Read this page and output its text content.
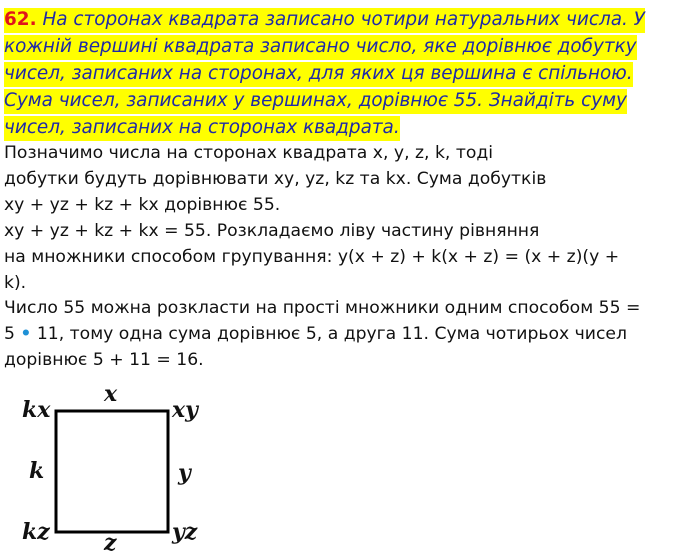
62. На сторонах квадрата записано чотири натуральних числа. У
кожній вершині квадрата записано число, яке дорівнює добутку
чисел, записаних на сторонах, для яких ця вершина є спільною.
Сума чисел, записаних у вершинах, дорівнює 55. Знайдіть суму
чисел, записаних на сторонах квадрата.
Позначимо числа на сторонах квадрата x, y, z, k, тоді
добутки будуть дорівнювати xy, yz, kz та kx. Сума добутків
xy + yz + kz + kx дорівнює 55.
xy + yz + kz + kx = 55. Розкладаємо ліву частину рівняння
на множники способом групування: y(x + z) + k(x + z) = (x + z)(y +
k).
Число 55 можна розкласти на прості множники одним способом 55 =
5 • 11, тому одна сума дорівнює 5, а друга 11. Сума чотирьох чисел
дорівнює 5 + 11 = 16.
x
y
z
k
kx	xy
yz
kz
